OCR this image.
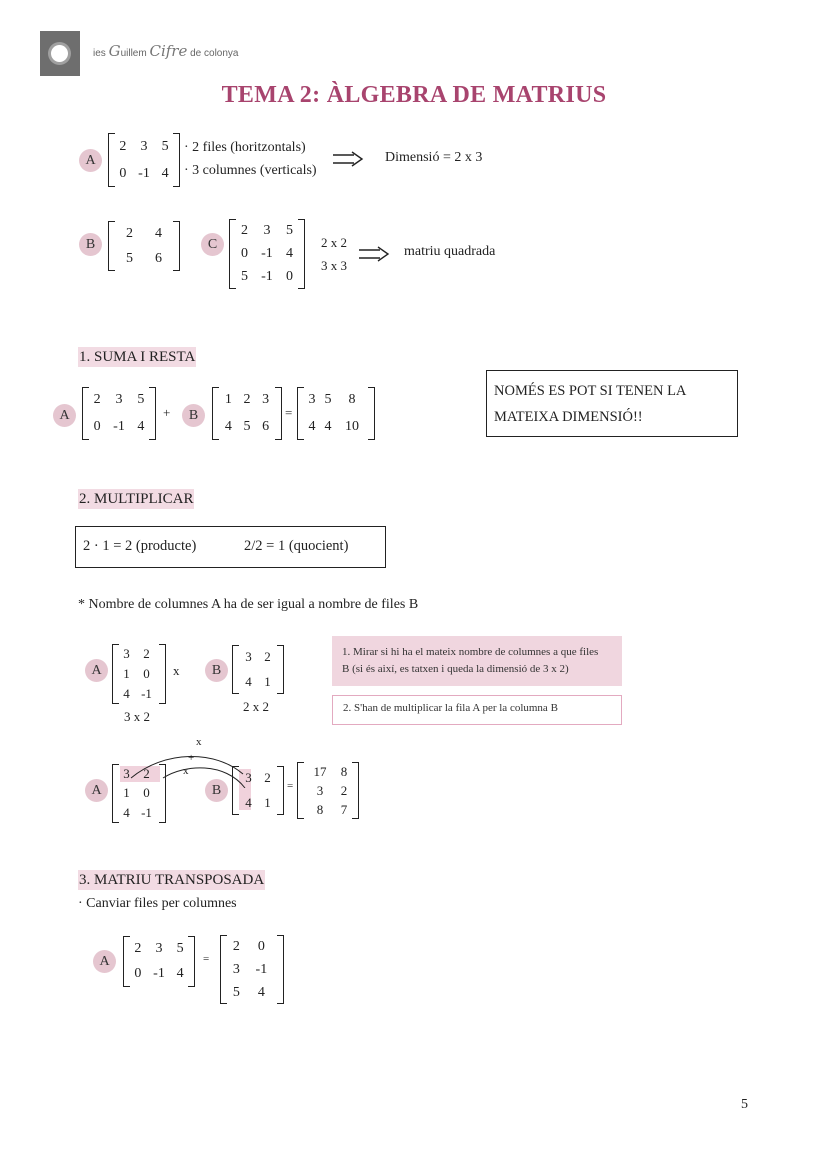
ies Guillem Cifre de colonya
TEMA 2: ÀLGEBRA DE MATRIUS
A
2	3	5
0	-1	4
· 2 files (horitzontals)
· 3 columnes (verticals)
Dimensió = 2 x 3
B
2	4
5	6
C
2	3	5
0	-1	4
5	-1	0
2 x 2
3 x 3
matriu quadrada
1. SUMA I RESTA
A
2	3	5
0	-1	4
+	B
1	2	3
4	5	6
=
3	5	8
4	4	10
NOMÉS ES POT SI TENEN LA
MATEIXA DIMENSIÓ!!
2. MULTIPLICAR
2 · 1 = 2 (producte)	2/2 = 1 (quocient)
* Nombre de columnes A ha de ser igual a nombre de files B
A
3	2
1	0
4	-1
x
3 x 2
B
3	2
4	1
2 x 2
1. Mirar si hi ha el mateix nombre de columnes a que files
B (si és així, es tatxen i queda la dimensió de 3 x 2)
2. S'han de multiplicar la fila A per la columna B
A
3	2
1	0
4	-1
B
3	2
4	1
x
+
x
=
17	8
3	2
8	7
3. MATRIU TRANSPOSADA
· Canviar files per columnes
A
2	3	5
0	-1	4
=
2	0
3	-1
5	4
5
